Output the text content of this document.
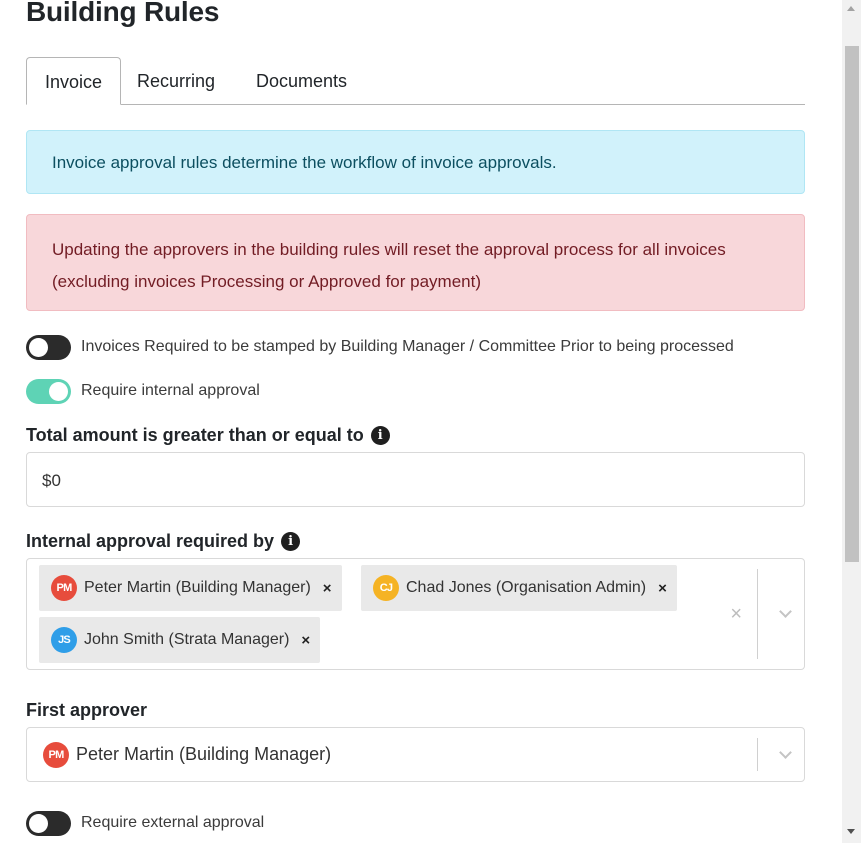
Building Rules
Invoice	Recurring Documents
Invoice approval rules determine the workflow of invoice approvals.
Updating the approvers in the building rules will reset the approval process for all invoices (excluding invoices Processing or Approved for payment)
Invoices Required to be stamped by Building Manager / Committee Prior to being processed
Require internal approval
Total amount is greater than or equal to	i
$0
Internal approval required by	i
PM Peter Martin (Building Manager) ×	CJ Chad Jones (Organisation Admin) ×
JS John Smith (Strata Manager) ×
×
First approver
PM Peter Martin (Building Manager)
Require external approval
